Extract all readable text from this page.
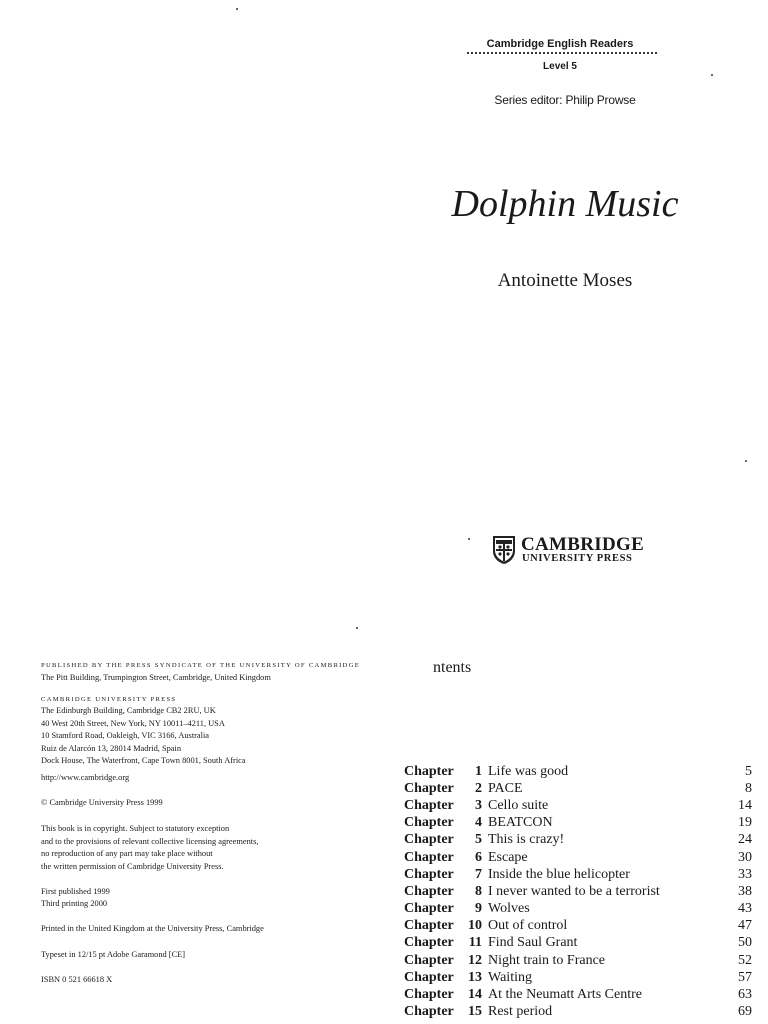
Cambridge English Readers
Level 5
Series editor: Philip Prowse
Dolphin Music
Antoinette Moses
CAMBRIDGE
UNIVERSITY PRESS
PUBLISHED BY THE PRESS SYNDICATE OF THE UNIVERSITY OF CAMBRIDGE
The Pitt Building, Trumpington Street, Cambridge, United Kingdom
CAMBRIDGE UNIVERSITY PRESS
The Edinburgh Building, Cambridge CB2 2RU, UK
40 West 20th Street, New York, NY 10011–4211, USA
10 Stamford Road, Oakleigh, VIC 3166, Australia
Ruiz de Alarcón 13, 28014 Madrid, Spain
Dock House, The Waterfront, Cape Town 8001, South Africa
http://www.cambridge.org
© Cambridge University Press 1999
This book is in copyright. Subject to statutory exception
and to the provisions of relevant collective licensing agreements,
no reproduction of any part may take place without
the written permission of Cambridge University Press.
First published 1999
Third printing 2000
Printed in the United Kingdom at the University Press, Cambridge
Typeset in 12/15 pt Adobe Garamond [CE]
ISBN 0 521 66618 X
ntents
Chapter 1 Life was good	5
Chapter 2 PACE	8
Chapter 3 Cello suite	14
Chapter 4 BEATCON	19
Chapter 5 This is crazy!	24
Chapter 6 Escape	30
Chapter 7 Inside the blue helicopter	33
Chapter 8 I never wanted to be a terrorist	38
Chapter 9 Wolves	43
Chapter 10 Out of control	47
Chapter 11 Find Saul Grant	50
Chapter 12 Night train to France	52
Chapter 13 Waiting	57
Chapter 14 At the Neumatt Arts Centre	63
Chapter 15 Rest period	69
